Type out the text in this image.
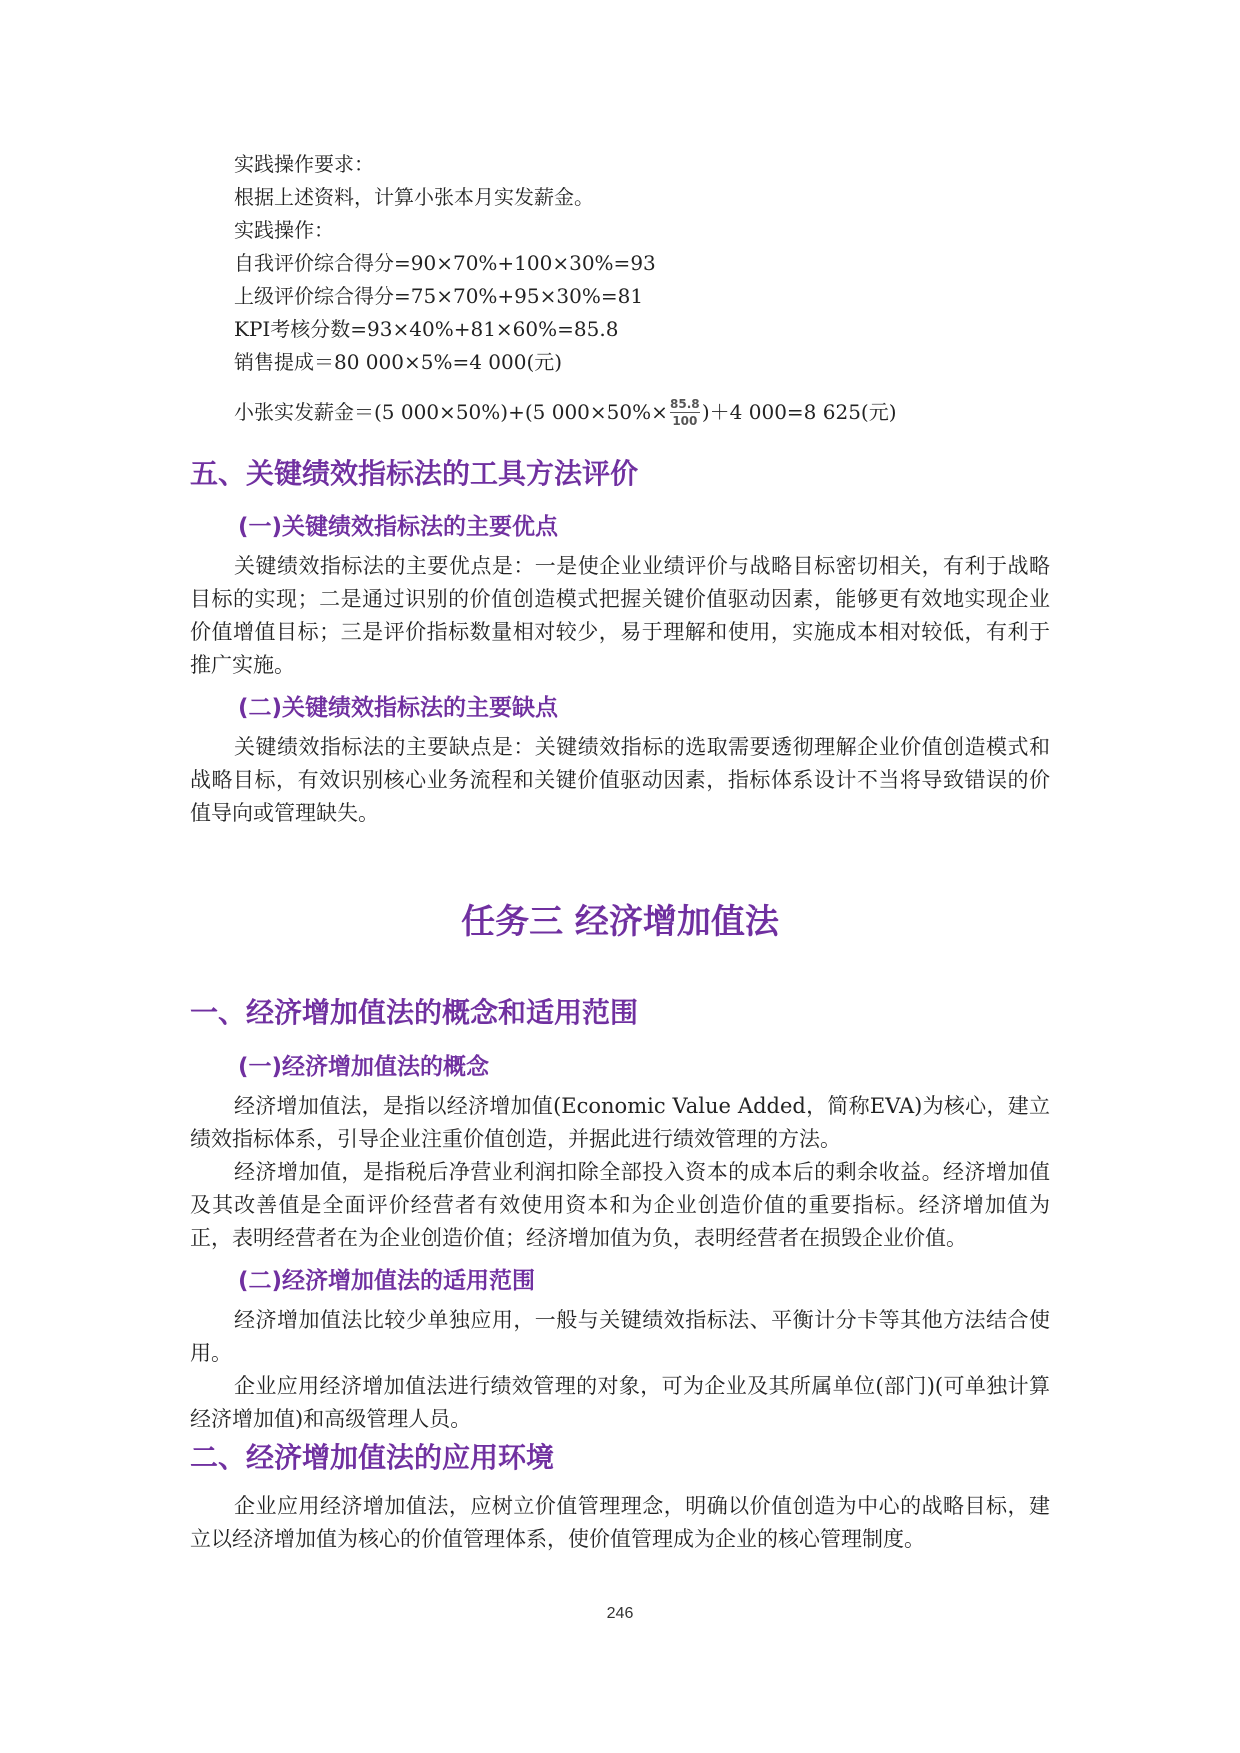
实践操作要求：
根据上述资料，计算小张本月实发薪金。
实践操作：
自我评价综合得分=90×70%+100×30%=93
上级评价综合得分=75×70%+95×30%=81
KPI考核分数=93×40%+81×60%=85.8
销售提成＝80 000×5%=4 000(元)
小张实发薪金＝(5 000×50%)+(5 $000\times 50\%\times \frac{85.8}{100} )+4$ 000=8 625(元)
五、关键绩效指标法的工具方法评价
(一)关键绩效指标法的主要优点
关键绩效指标法的主要优点是：一是使企业业绩评价与战略目标密切相关，有利于战略目标的实现；二是通过识别的价值创造模式把握关键价值驱动因素，能够更有效地实现企业价值增值目标；三是评价指标数量相对较少，易于理解和使用，实施成本相对较低，有利于推广实施。
(二)关键绩效指标法的主要缺点
关键绩效指标法的主要缺点是：关键绩效指标的选取需要透彻理解企业价值创造模式和战略目标，有效识别核心业务流程和关键价值驱动因素，指标体系设计不当将导致错误的价值导向或管理缺失。
任务三 经济增加值法
一、经济增加值法的概念和适用范围
(一)经济增加值法的概念
经济增加值法，是指以经济增加值(Economic Value Added，简称EVA)为核心，建立绩效指标体系，引导企业注重价值创造，并据此进行绩效管理的方法。
经济增加值，是指税后净营业利润扣除全部投入资本的成本后的剩余收益。经济增加值及其改善值是全面评价经营者有效使用资本和为企业创造价值的重要指标。经济增加值为正，表明经营者在为企业创造价值；经济增加值为负，表明经营者在损毁企业价值。
(二)经济增加值法的适用范围
经济增加值法比较少单独应用，一般与关键绩效指标法、平衡计分卡等其他方法结合使用。
企业应用经济增加值法进行绩效管理的对象，可为企业及其所属单位(部门)(可单独计算经济增加值)和高级管理人员。
二、经济增加值法的应用环境
企业应用经济增加值法，应树立价值管理理念，明确以价值创造为中心的战略目标，建立以经济增加值为核心的价值管理体系，使价值管理成为企业的核心管理制度。
246
